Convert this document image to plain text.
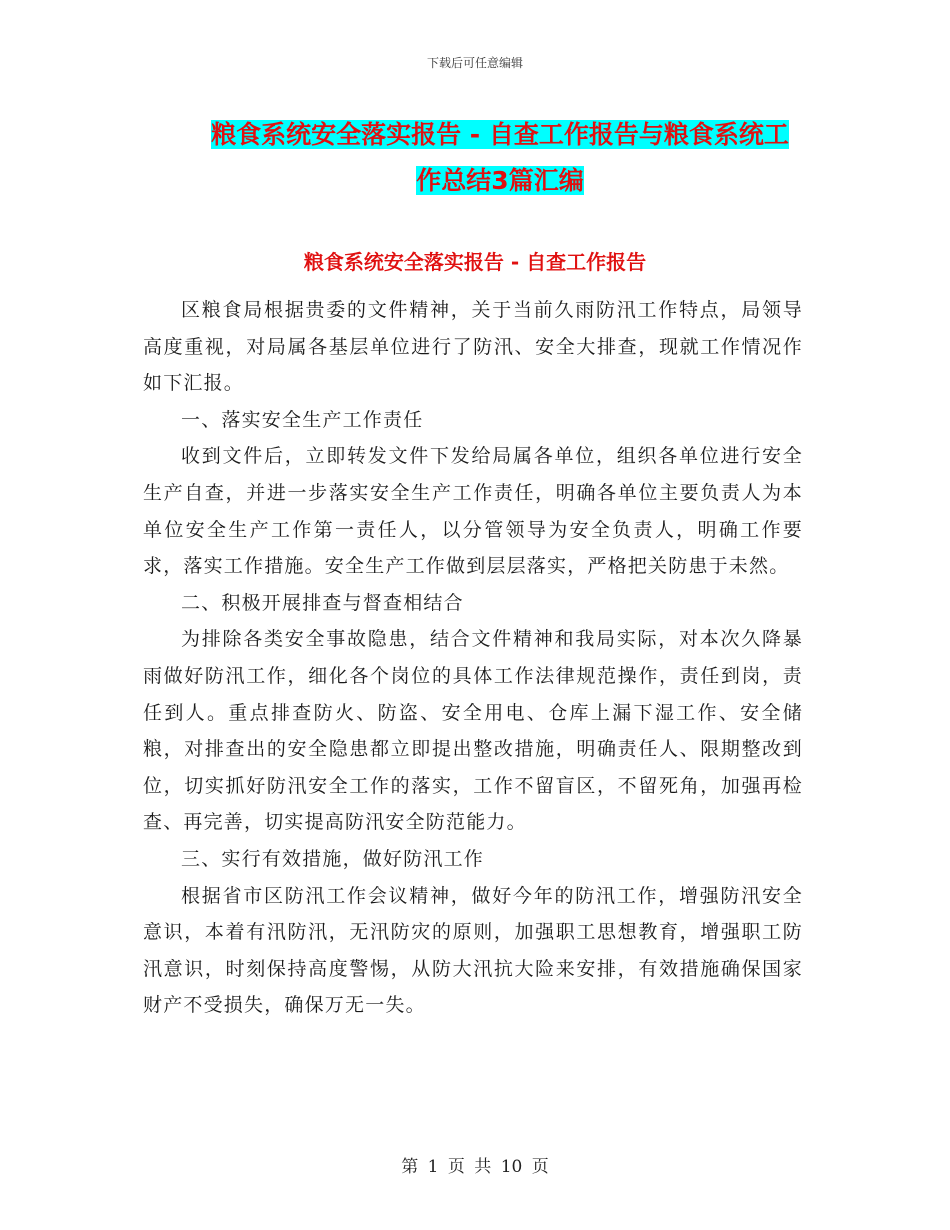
下载后可任意编辑
粮食系统安全落实报告 - 自查工作报告与粮食系统工
作总结3篇汇编
粮食系统安全落实报告 - 自查工作报告

区粮食局根据贵委的文件精神，关于当前久雨防汛工作特点，局领导高度重视，对局属各基层单位进行了防汛、安全大排查，现就工作情况作如下汇报。

一、落实安全生产工作责任

收到文件后，立即转发文件下发给局属各单位，组织各单位进行安全生产自查，并进一步落实安全生产工作责任，明确各单位主要负责人为本单位安全生产工作第一责任人，以分管领导为安全负责人，明确工作要求，落实工作措施。安全生产工作做到层层落实，严格把关防患于未然。

二、积极开展排查与督查相结合

为排除各类安全事故隐患，结合文件精神和我局实际，对本次久降暴雨做好防汛工作，细化各个岗位的具体工作法律规范操作，责任到岗，责任到人。重点排查防火、防盗、安全用电、仓库上漏下湿工作、安全储粮，对排查出的安全隐患都立即提出整改措施，明确责任人、限期整改到位，切实抓好防汛安全工作的落实，工作不留盲区，不留死角，加强再检查、再完善，切实提高防汛安全防范能力。

三、实行有效措施，做好防汛工作

根据省市区防汛工作会议精神，做好今年的防汛工作，增强防汛安全意识，本着有汛防汛，无汛防灾的原则，加强职工思想教育，增强职工防汛意识，时刻保持高度警惕，从防大汛抗大险来安排，有效措施确保国家财产不受损失，确保万无一失。

第 1 页 共 10 页
